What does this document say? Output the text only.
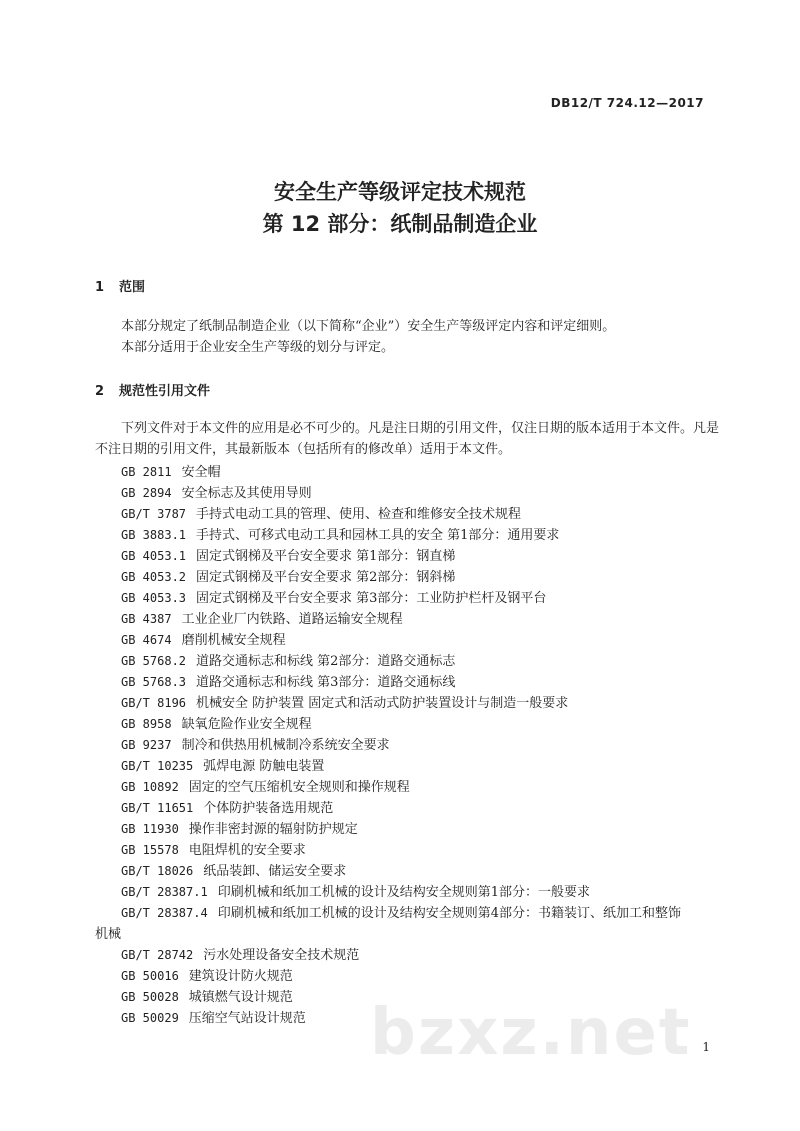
DB12/T 724.12—2017
安全生产等级评定技术规范
第 12 部分：纸制品制造企业
1 范围

本部分规定了纸制品制造企业（以下简称“企业”）安全生产等级评定内容和评定细则。

本部分适用于企业安全生产等级的划分与评定。

2 规范性引用文件

下列文件对于本文件的应用是必不可少的。凡是注日期的引用文件，仅注日期的版本适用于本文件。凡是不注日期的引用文件，其最新版本（包括所有的修改单）适用于本文件。

GB 2811 安全帽
GB 2894 安全标志及其使用导则
GB/T 3787 手持式电动工具的管理、使用、检查和维修安全技术规程
GB 3883.1 手持式、可移式电动工具和园林工具的安全 第1部分：通用要求
GB 4053.1 固定式钢梯及平台安全要求 第1部分：钢直梯
GB 4053.2 固定式钢梯及平台安全要求 第2部分：钢斜梯
GB 4053.3 固定式钢梯及平台安全要求 第3部分：工业防护栏杆及钢平台
GB 4387 工业企业厂内铁路、道路运输安全规程
GB 4674 磨削机械安全规程
GB 5768.2 道路交通标志和标线 第2部分：道路交通标志
GB 5768.3 道路交通标志和标线 第3部分：道路交通标线
GB/T 8196 机械安全 防护装置 固定式和活动式防护装置设计与制造一般要求
GB 8958 缺氧危险作业安全规程
GB 9237 制冷和供热用机械制冷系统安全要求
GB/T 10235 弧焊电源 防触电装置
GB 10892 固定的空气压缩机安全规则和操作规程
GB/T 11651 个体防护装备选用规范
GB 11930 操作非密封源的辐射防护规定
GB 15578 电阻焊机的安全要求
GB/T 18026 纸品装卸、储运安全要求
GB/T 28387.1 印刷机械和纸加工机械的设计及结构安全规则第1部分：一般要求
GB/T 28387.4 印刷机械和纸加工机械的设计及结构安全规则第4部分：书籍装订、纸加工和整饰
机械
GB/T 28742 污水处理设备安全技术规范
GB 50016 建筑设计防火规范
GB 50028 城镇燃气设计规范
GB 50029 压缩空气站设计规范	bzxz.net 1
